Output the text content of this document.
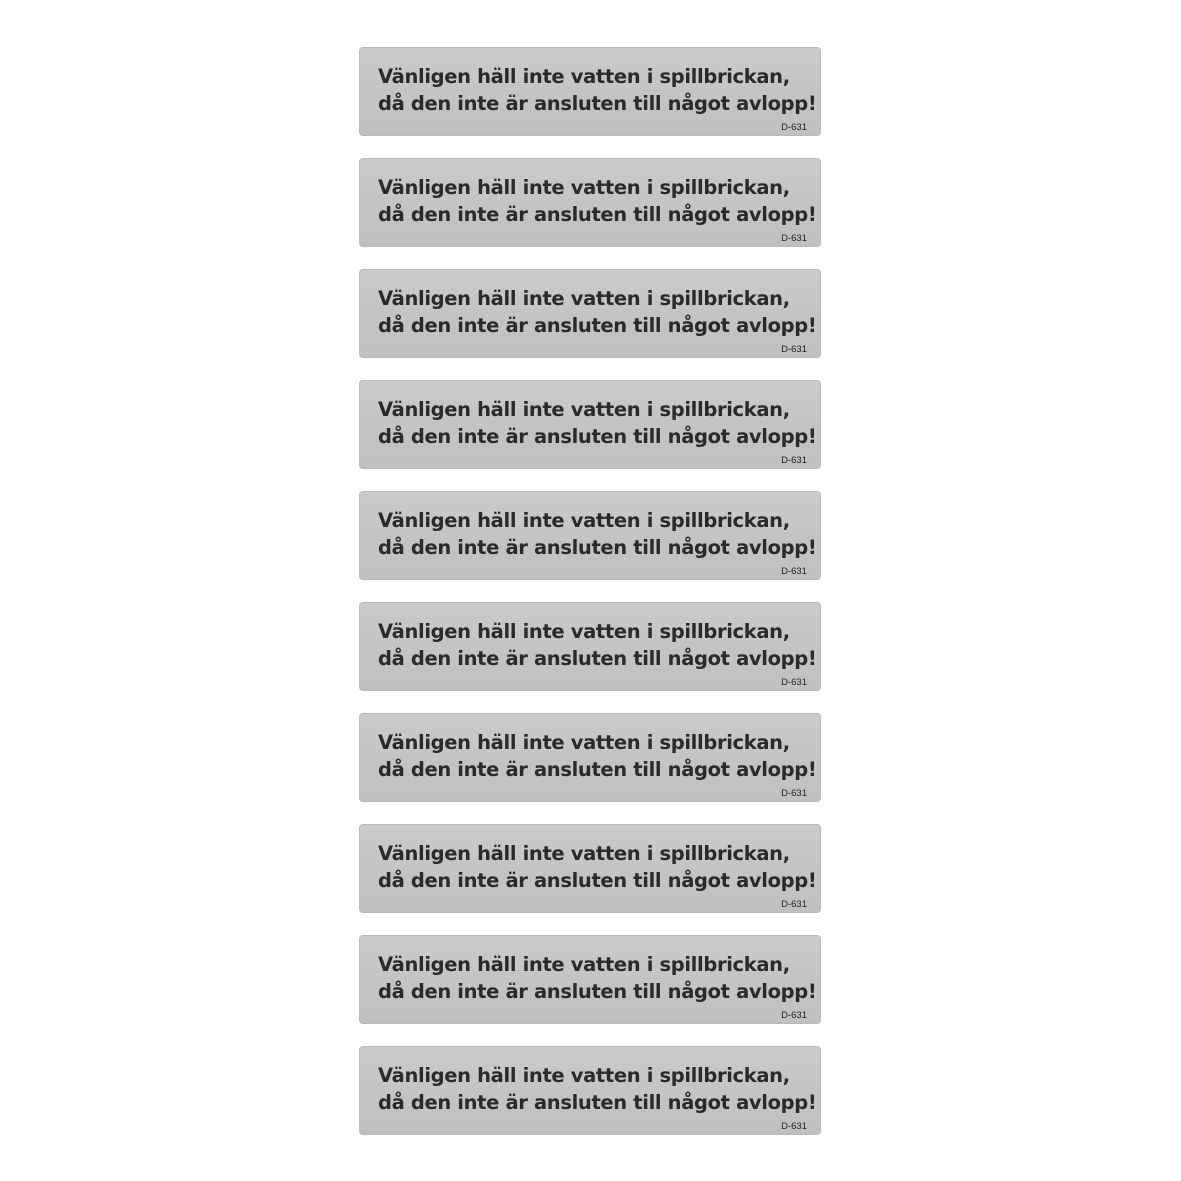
Vänligen häll inte vatten i spillbrickan,
då den inte är ansluten till något avlopp!

D-631

Vänligen häll inte vatten i spillbrickan,
då den inte är ansluten till något avlopp!

D-631

Vänligen häll inte vatten i spillbrickan,
då den inte är ansluten till något avlopp!

D-631

Vänligen häll inte vatten i spillbrickan,
då den inte är ansluten till något avlopp!

D-631

Vänligen häll inte vatten i spillbrickan,
då den inte är ansluten till något avlopp!

D-631

Vänligen häll inte vatten i spillbrickan,
då den inte är ansluten till något avlopp!

D-631

Vänligen häll inte vatten i spillbrickan,
då den inte är ansluten till något avlopp!

D-631

Vänligen häll inte vatten i spillbrickan,
då den inte är ansluten till något avlopp!

D-631

Vänligen häll inte vatten i spillbrickan,
då den inte är ansluten till något avlopp!

D-631

Vänligen häll inte vatten i spillbrickan,
då den inte är ansluten till något avlopp!

D-631
